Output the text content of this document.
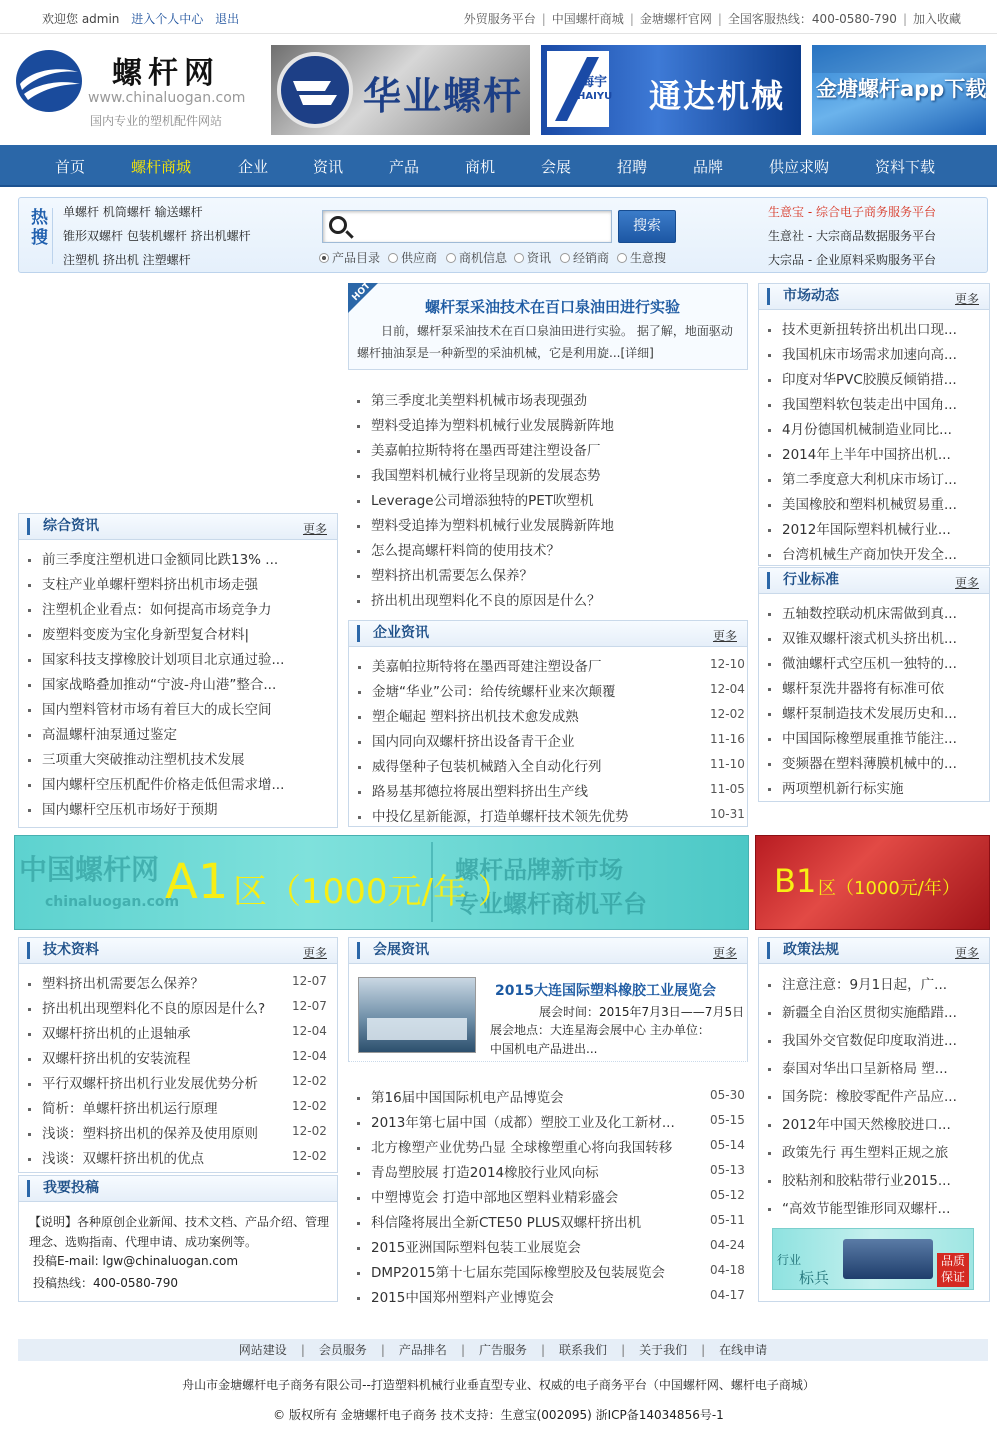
欢迎您 admin 进入个人中心 退出	外贸服务平台 | 中国螺杆商城 | 金塘螺杆官网 | 全国客服热线：400-0580-790 | 加入收藏
螺杆网
www.chinaluogan.com
国内专业的塑机配件网站
华业螺杆	海宇
HAIYU 通达机械 金塘螺杆app下载
首页	螺杆商城	企业	资讯	产品	商机	会展	招聘	品牌	供应求购	资料下载
热搜
单螺杆 机筒螺杆 输送螺杆
锥形双螺杆 包装机螺杆 挤出机螺杆
注塑机 挤出机 注塑螺杆
搜索
产品目录 供应商 商机信息 资讯 经销商 生意搜
生意宝 - 综合电子商务服务平台
生意社 - 大宗商品数据服务平台
大宗品 - 企业原料采购服务平台
HOT
螺杆泵采油技术在百口泉油田进行实验
日前，螺杆泵采油技术在百口泉油田进行实验。 据了解，地面驱动螺杆抽油泵是一种新型的采油机械，它是利用旋...[详细]
第三季度北美塑料机械市场表现强劲
塑料受追捧为塑料机械行业发展腾新阵地
美嘉帕拉斯特将在墨西哥建注塑设备厂
我国塑料机械行业将呈现新的发展态势
Leverage公司增添独特的PET吹塑机
塑料受追捧为塑料机械行业发展腾新阵地
怎么提高螺杆料筒的使用技术？
塑料挤出机需要怎么保养？
挤出机出现塑料化不良的原因是什么？
市场动态	更多
技术更新扭转挤出机出口现...
我国机床市场需求加速向高...
印度对华PVC胶膜反倾销措...
我国塑料软包装走出中国角...
4月份德国机械制造业同比...
2014年上半年中国挤出机...
第二季度意大利机床市场订...
美国橡胶和塑料机械贸易重...
2012年国际塑料机械行业...
台湾机械生产商加快开发全...
行业标准	更多
五轴数控联动机床需做到真...
双锥双螺杆滚式机头挤出机...
微油螺杆式空压机一独特的...
螺杆泵洗井器将有标准可依
螺杆泵制造技术发展历史和...
中国国际橡塑展重推节能注...
变频器在塑料薄膜机械中的...
两项塑机新行标实施
综合资讯	更多
前三季度注塑机进口金额同比跌13% ...
支柱产业单螺杆塑料挤出机市场走强
注塑机企业看点：如何提高市场竞争力
废塑料变废为宝化身新型复合材料|
国家科技支撑橡胶计划项目北京通过验...
国家战略叠加推动“宁波-舟山港”整合...
国内塑料管材市场有着巨大的成长空间
高温螺杆油泵通过鉴定
三项重大突破推动注塑机技术发展
国内螺杆空压机配件价格走低但需求增...
国内螺杆空压机市场好于预期
企业资讯	更多
美嘉帕拉斯特将在墨西哥建注塑设备厂	12-10
金塘“华业”公司：给传统螺杆业来次颠覆	12-04
塑企崛起 塑料挤出机技术愈发成熟	12-02
国内同向双螺杆挤出设备青干企业	11-16
威得堡种子包装机械踏入全自动化行列	11-10
路易基邦德拉将展出塑料挤出生产线	11-05
中投亿星新能源，打造单螺杆技术领先优势	10-31
中国螺杆网
chinaluogan.com
螺杆品牌新市场
专业螺杆商机平台
A1 区（1000元/年 ）	B1 区（1000元/年）
技术资料	更多
塑料挤出机需要怎么保养？	12-07
挤出机出现塑料化不良的原因是什么?	12-07
双螺杆挤出机的止退轴承	12-04
双螺杆挤出机的安装流程	12-04
平行双螺杆挤出机行业发展优势分析	12-02
简析：单螺杆挤出机运行原理	12-02
浅谈：塑料挤出机的保养及使用原则	12-02
浅谈：双螺杆挤出机的优点	12-02
我要投稿
【说明】各种原创企业新闻、技术文档、产品介绍、管理理念、选购指南、代理申请、成功案例等。
投稿E-mail: lgw@chinaluogan.com
投稿热线：400-0580-790
会展资讯	更多
2015大连国际塑料橡胶工业展览会
展会时间：2015年7月3日——7月5日
展会地点：大连星海会展中心 主办单位：中国机电产品进出...
第16届中国国际机电产品博览会	05-30
2013年第七届中国（成都）塑胶工业及化工新材...	05-15
北方橡塑产业优势凸显 全球橡塑重心将向我国转移	05-14
青岛塑胶展 打造2014橡胶行业风向标	05-13
中塑博览会 打造中部地区塑料业精彩盛会	05-12
科信隆将展出全新CTE50 PLUS双螺杆挤出机	05-11
2015亚洲国际塑料包装工业展览会	04-24
DMP2015第十七届东莞国际橡塑胶及包装展览会	04-18
2015中国郑州塑料产业博览会	04-17
政策法规	更多
注意注意：9月1日起，广...
新疆全自治区贯彻实施酷踖...
我国外交官数促印度取消进...
泰国对华出口呈新格局 塑...
国务院：橡胶零配件产品应...
2012年中国天然橡胶进口...
政策先行 再生塑料正规之旅
胶粘剂和胶粘带行业2015...
“高效节能型锥形同双螺杆...
行业
标兵
品质
保证
网站建设 | 会员服务 | 产品排名 | 广告服务 | 联系我们 | 关于我们 | 在线申请
舟山市金塘螺杆电子商务有限公司--打造塑料机械行业垂直型专业、权威的电子商务平台（中国螺杆网、螺杆电子商城）
© 版权所有 金塘螺杆电子商务 技术支持：生意宝(002095) 浙ICP备14034856号-1
